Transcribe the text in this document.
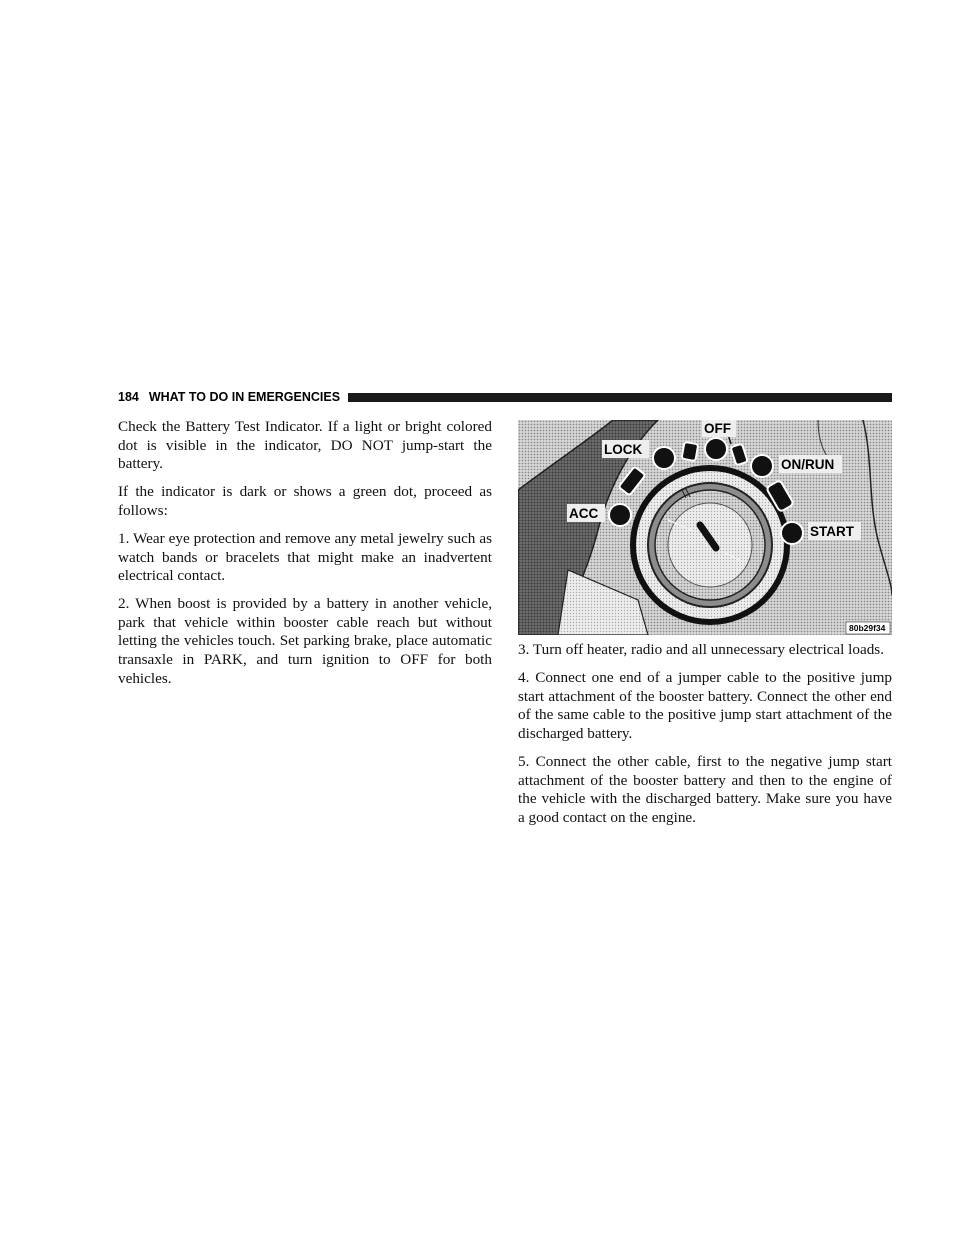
184 WHAT TO DO IN EMERGENCIES

Check the Battery Test Indicator. If a light or bright colored dot is visible in the indicator, DO NOT jump-start the battery.

If the indicator is dark or shows a green dot, proceed as follows:

1. Wear eye protection and remove any metal jewelry such as watch bands or bracelets that might make an inadvertent electrical contact.

2. When boost is provided by a battery in another vehicle, park that vehicle within booster cable reach but without letting the vehicles touch. Set parking brake, place automatic transaxle in PARK, and turn ignition to OFF for both vehicles.

LOCK
OFF
ON/RUN
ACC
START
80b29f34

3. Turn off heater, radio and all unnecessary electrical loads.

4. Connect one end of a jumper cable to the positive jump start attachment of the booster battery. Connect the other end of the same cable to the positive jump start attachment of the discharged battery.

5. Connect the other cable, first to the negative jump start attachment of the booster battery and then to the engine of the vehicle with the discharged battery. Make sure you have a good contact on the engine.
